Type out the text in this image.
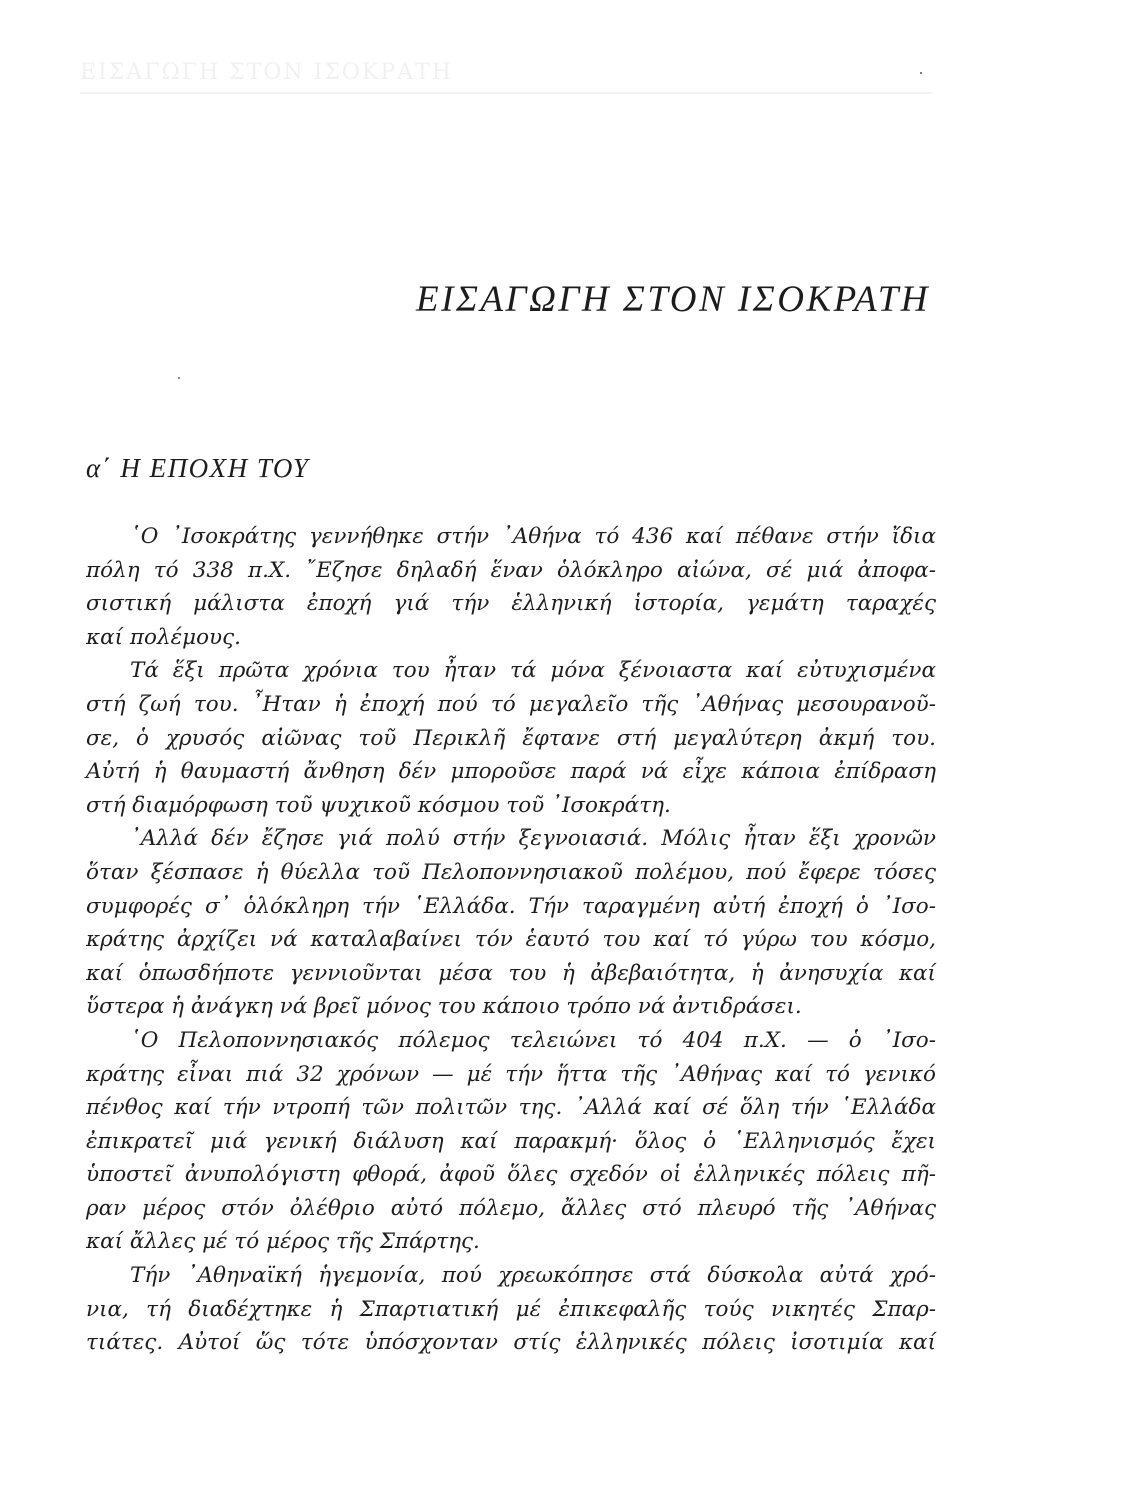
ΕΙΣΑΓΩΓΗ ΣΤΟΝ ΙΣΟΚΡΑΤΗ
ΕΙΣΑΓΩΓΗ ΣΤΟΝ ΙΣΟΚΡΑΤΗ
α΄ Η ΕΠΟΧΗ ΤΟΥ
῾Ο ᾿Ισοκράτης γεννήθηκε στήν ᾿Αθήνα τό 436 καί πέθανε στήν ἴδια
πόλη τό 338 π.Χ. ῎Εζησε δηλαδή ἕναν ὁλόκληρο αἰώνα, σέ μιά ἀποφα-
σιστική μάλιστα ἐποχή γιά τήν ἑλληνική ἱστορία, γεμάτη ταραχές
καί πολέμους.
Τά ἕξι πρῶτα χρόνια του ἦταν τά μόνα ξένοιαστα καί εὐτυχισμένα
στή ζωή του. ῏Ηταν ἡ ἐποχή πού τό μεγαλεῖο τῆς ᾿Αθήνας μεσουρανοῦ-
σε, ὁ χρυσός αἰῶνας τοῦ Περικλῆ ἔφτανε στή μεγαλύτερη ἀκμή του.
Αὐτή ἡ θαυμαστή ἄνθηση δέν μποροῦσε παρά νά εἶχε κάποια ἐπίδραση
στή διαμόρφωση τοῦ ψυχικοῦ κόσμου τοῦ ᾿Ισοκράτη.
᾿Αλλά δέν ἔζησε γιά πολύ στήν ξεγνοιασιά. Μόλις ἦταν ἕξι χρονῶν
ὅταν ξέσπασε ἡ θύελλα τοῦ Πελοποννησιακοῦ πολέμου, πού ἔφερε τόσες
συμφορές σ᾿ ὁλόκληρη τήν ῾Ελλάδα. Τήν ταραγμένη αὐτή ἐποχή ὁ ᾿Ισο-
κράτης ἀρχίζει νά καταλαβαίνει τόν ἑαυτό του καί τό γύρω του κόσμο,
καί ὁπωσδήποτε γεννιοῦνται μέσα του ἡ ἀβεβαιότητα, ἡ ἀνησυχία καί
ὕστερα ἡ ἀνάγκη νά βρεῖ μόνος του κάποιο τρόπο νά ἀντιδράσει.
῾Ο Πελοποννησιακός πόλεμος τελειώνει τό 404 π.Χ. — ὁ ᾿Ισο-
κράτης εἶναι πιά 32 χρόνων — μέ τήν ἥττα τῆς ᾿Αθήνας καί τό γενικό
πένθος καί τήν ντροπή τῶν πολιτῶν της. ᾿Αλλά καί σέ ὅλη τήν ῾Ελλάδα
ἐπικρατεῖ μιά γενική διάλυση καί παρακμή· ὅλος ὁ ῾Ελληνισμός ἔχει
ὑποστεῖ ἀνυπολόγιστη φθορά, ἀφοῦ ὅλες σχεδόν οἱ ἑλληνικές πόλεις πῆ-
ραν μέρος στόν ὀλέθριο αὐτό πόλεμο, ἄλλες στό πλευρό τῆς ᾿Αθήνας
καί ἄλλες μέ τό μέρος τῆς Σπάρτης.
Τήν ᾿Αθηναϊκή ἡγεμονία, πού χρεωκόπησε στά δύσκολα αὐτά χρό-
νια, τή διαδέχτηκε ἡ Σπαρτιατική μέ ἐπικεφαλῆς τούς νικητές Σπαρ-
τιάτες. Αὐτοί ὥς τότε ὑπόσχονταν στίς ἑλληνικές πόλεις ἰσοτιμία καί
